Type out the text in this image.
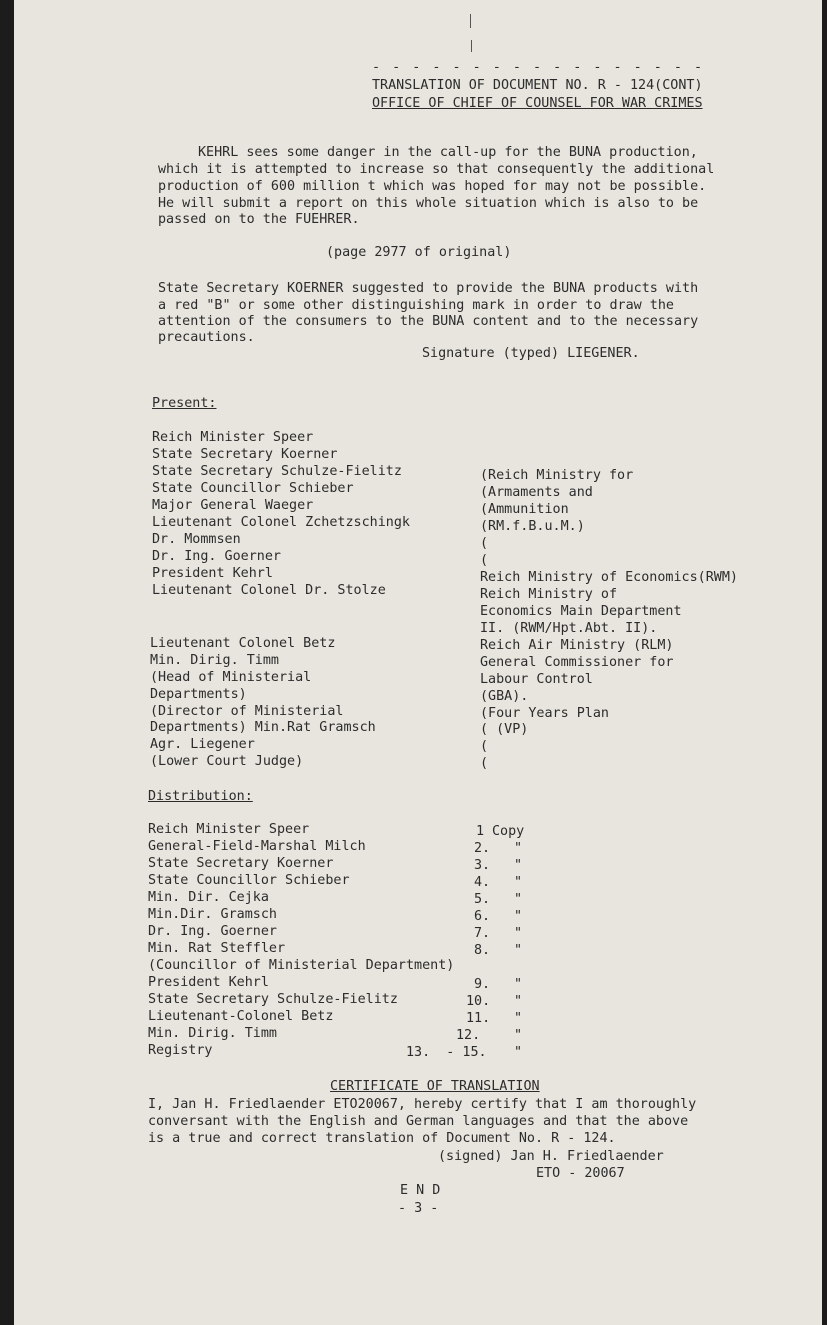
- - - - - - - - - - - - - - - - -
TRANSLATION OF DOCUMENT NO. R - 124(CONT)
OFFICE OF CHIEF OF COUNSEL FOR WAR CRIMES
KEHRL sees some danger in the call-up for the BUNA production,
which it is attempted to increase so that consequently the additional
production of 600 million t which was hoped for may not be possible.
He will submit a report on this whole situation which is also to be
passed on to the FUEHRER.
(page 2977 of original)
State Secretary KOERNER suggested to provide the BUNA products with
a red "B" or some other distinguishing mark in order to draw the
attention of the consumers to the BUNA content and to the necessary
precautions.
Signature (typed) LIEGENER.
Present:
Reich Minister Speer
State Secretary Koerner
State Secretary Schulze-Fielitz
State Councillor Schieber
Major General Waeger
Lieutenant Colonel Zchetzschingk
Dr. Mommsen
Dr. Ing. Goerner
President Kehrl
Lieutenant Colonel Dr. Stolze
Lieutenant Colonel Betz
Min. Dirig. Timm
(Head of Ministerial
Departments)
(Director of Ministerial
Departments) Min.Rat Gramsch
Agr. Liegener
(Lower Court Judge)
(Reich Ministry for
(Armaments and
(Ammunition
(RM.f.B.u.M.)
(
(
Reich Ministry of Economics(RWM)
Reich Ministry of
Economics Main Department
II. (RWM/Hpt.Abt. II).
Reich Air Ministry (RLM)
General Commissioner for
Labour Control
(GBA).
(Four Years Plan
( (VP)
(
(
Distribution:
Reich Minister Speer
General-Field-Marshal Milch
State Secretary Koerner
State Councillor Schieber
Min. Dir. Cejka
Min.Dir. Gramsch
Dr. Ing. Goerner
Min. Rat Steffler
(Councillor of Ministerial Department)
President Kehrl
State Secretary Schulze-Fielitz
Lieutenant-Colonel Betz
Min. Dirig. Timm
Registry
1
2.
3.
4.
5.
6.
7.
8.
9.
10.
11.
12.
13.  - 15.
Copy
"
"
"
"
"
"
"
"
"
"
"
"
CERTIFICATE OF TRANSLATION
I, Jan H. Friedlaender ETO20067, hereby certify that I am thoroughly
conversant with the English and German languages and that the above
is a true and correct translation of Document No. R - 124.
(signed) Jan H. Friedlaender
ETO - 20067
E N D
- 3 -
